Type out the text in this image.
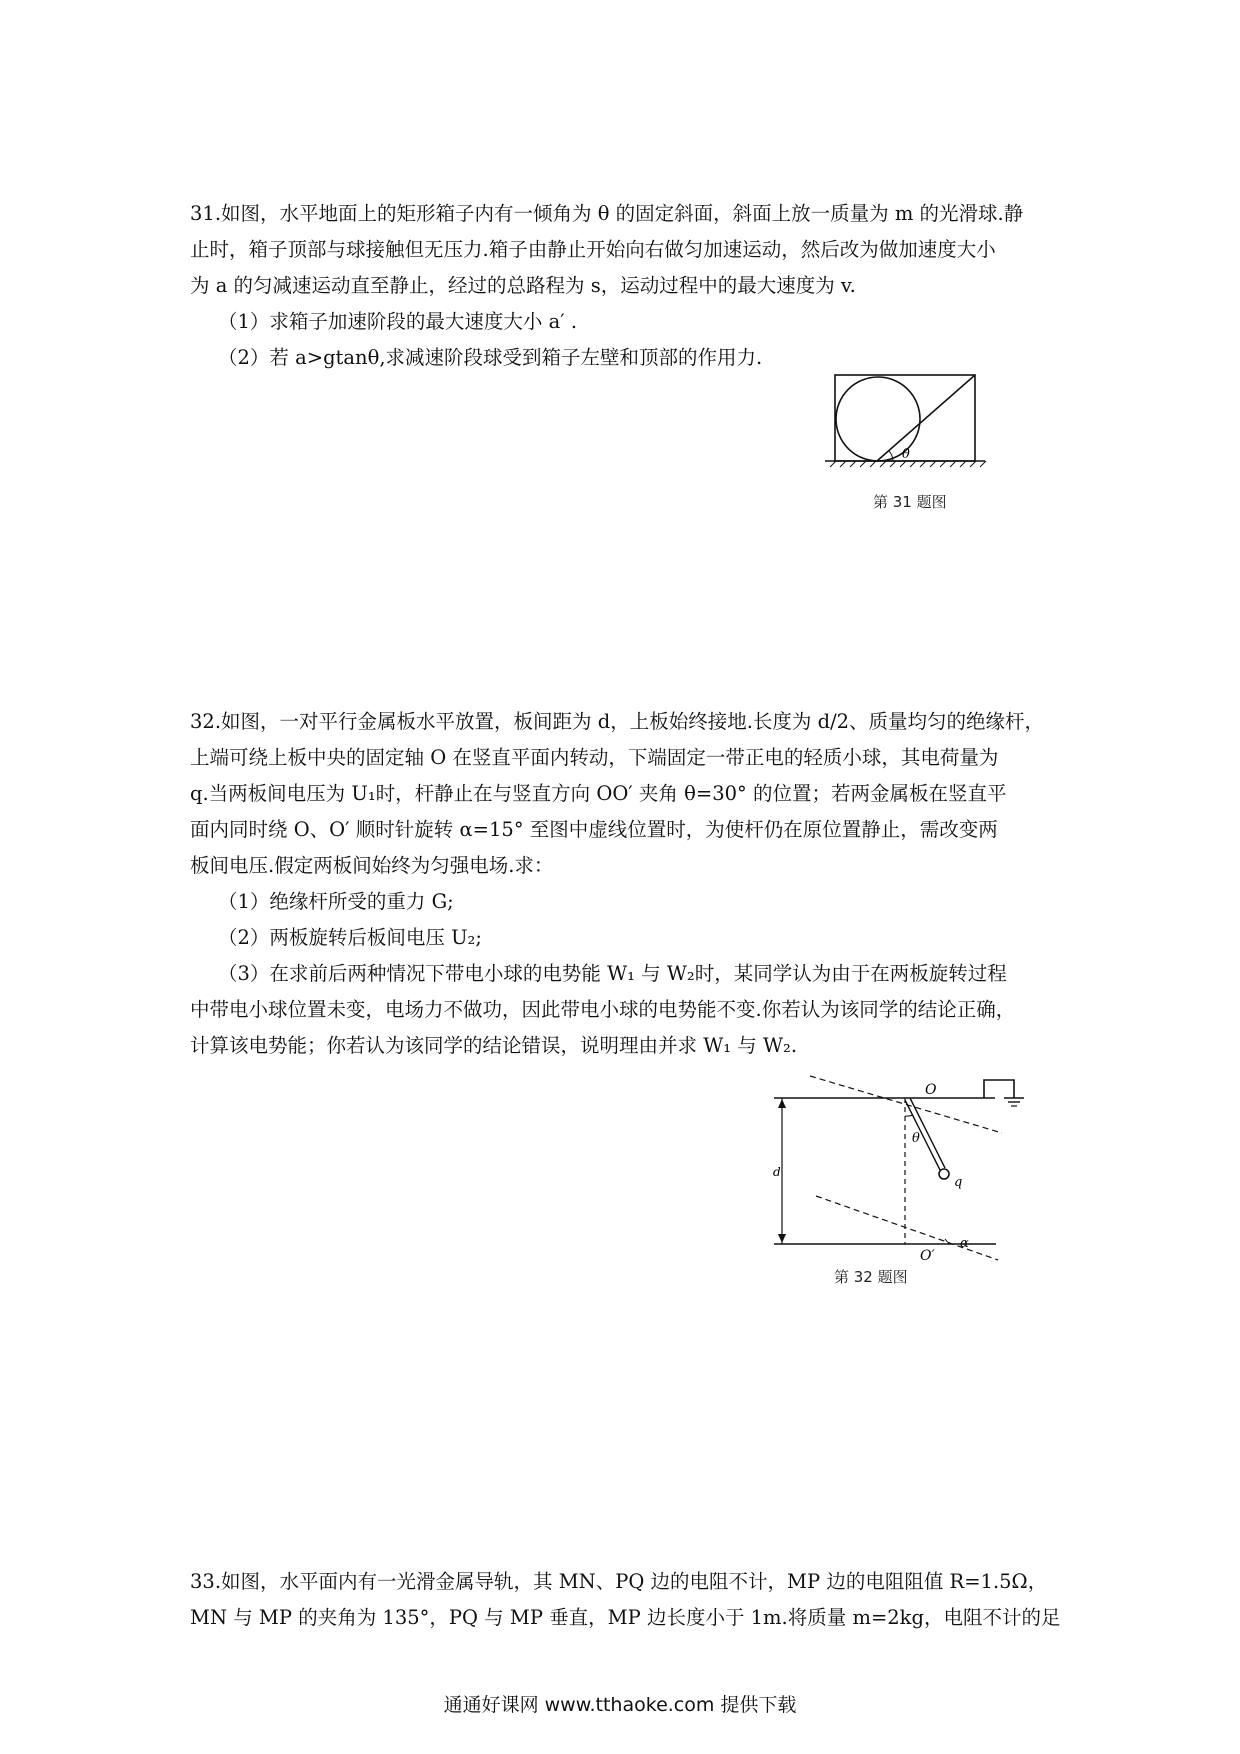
31.如图，水平地面上的矩形箱子内有一倾角为 θ 的固定斜面，斜面上放一质量为 m 的光滑球.静
止时，箱子顶部与球接触但无压力.箱子由静止开始向右做匀加速运动，然后改为做加速度大小
为 a 的匀减速运动直至静止，经过的总路程为 s，运动过程中的最大速度为 v.
（1）求箱子加速阶段的最大速度大小 a′ .
（2）若 a>gtanθ,求减速阶段球受到箱子左壁和顶部的作用力.
θ
第 31 题图
32.如图，一对平行金属板水平放置，板间距为 d，上板始终接地.长度为 d/2、质量均匀的绝缘杆，
上端可绕上板中央的固定轴 O 在竖直平面内转动，下端固定一带正电的轻质小球，其电荷量为
q.当两板间电压为 U₁时，杆静止在与竖直方向 OO′ 夹角 θ=30° 的位置；若两金属板在竖直平
面内同时绕 O、O′ 顺时针旋转 α=15° 至图中虚线位置时，为使杆仍在原位置静止，需改变两
板间电压.假定两板间始终为匀强电场.求：
（1）绝缘杆所受的重力 G;
（2）两板旋转后板间电压 U₂;
（3）在求前后两种情况下带电小球的电势能 W₁ 与 W₂时，某同学认为由于在两板旋转过程
中带电小球位置未变，电场力不做功，因此带电小球的电势能不变.你若认为该同学的结论正确，
计算该电势能；你若认为该同学的结论错误，说明理由并求 W₁ 与 W₂.
O
O′
d
θ
q
α
第 32 题图
33.如图，水平面内有一光滑金属导轨，其 MN、PQ 边的电阻不计，MP 边的电阻阻值 R=1.5Ω，
MN 与 MP 的夹角为 135°，PQ 与 MP 垂直，MP 边长度小于 1m.将质量 m=2kg，电阻不计的足
通通好课网 www.tthaoke.com 提供下载
